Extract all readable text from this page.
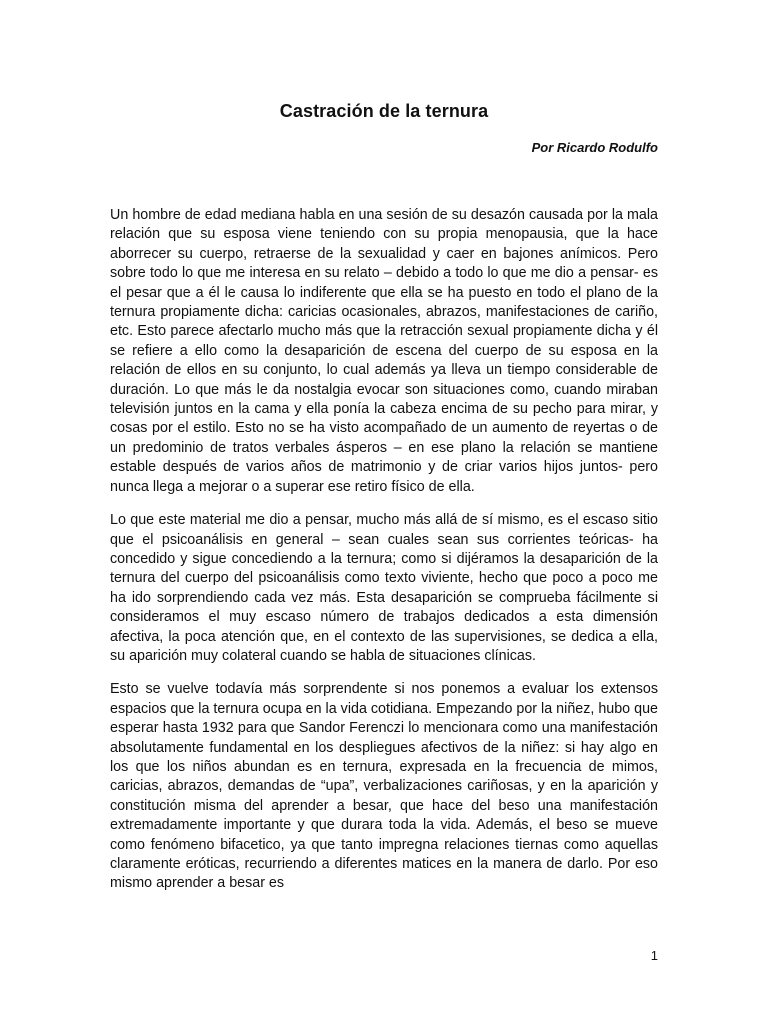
Castración de la ternura

Por Ricardo Rodulfo

Un hombre de edad mediana habla en una sesión de su desazón causada por la mala relación que su esposa viene teniendo con su propia menopausia, que la hace aborrecer su cuerpo, retraerse de la sexualidad y caer en bajones anímicos. Pero sobre todo lo que me interesa en su relato – debido a todo lo que me dio a pensar- es el pesar que a él le causa lo indiferente que ella se ha puesto en todo el plano de la ternura propiamente dicha: caricias ocasionales, abrazos, manifestaciones de cariño, etc. Esto parece afectarlo mucho más que la retracción sexual propiamente dicha y él se refiere a ello como la desaparición de escena del cuerpo de su esposa en la relación de ellos en su conjunto, lo cual además ya lleva un tiempo considerable de duración. Lo que más le da nostalgia evocar son situaciones como, cuando miraban televisión juntos en la cama y ella ponía la cabeza encima de su pecho para mirar, y cosas por el estilo. Esto no se ha visto acompañado de un aumento de reyertas o de un predominio de tratos verbales ásperos – en ese plano la relación se mantiene estable después de varios años de matrimonio y de criar varios hijos juntos- pero nunca llega a mejorar o a superar ese retiro físico de ella.

Lo que este material me dio a pensar, mucho más allá de sí mismo, es el escaso sitio que el psicoanálisis en general – sean cuales sean sus corrientes teóricas- ha concedido y sigue concediendo a la ternura; como si dijéramos la desaparición de la ternura del cuerpo del psicoanálisis como texto viviente, hecho que poco a poco me ha ido sorprendiendo cada vez más. Esta desaparición se comprueba fácilmente si consideramos el muy escaso número de trabajos dedicados a esta dimensión afectiva, la poca atención que, en el contexto de las supervisiones, se dedica a ella, su aparición muy colateral cuando se habla de situaciones clínicas.

Esto se vuelve todavía más sorprendente si nos ponemos a evaluar los extensos espacios que la ternura ocupa en la vida cotidiana. Empezando por la niñez, hubo que esperar hasta 1932 para que Sandor Ferenczi lo mencionara como una manifestación absolutamente fundamental en los despliegues afectivos de la niñez: si hay algo en los que los niños abundan es en ternura, expresada en la frecuencia de mimos, caricias, abrazos, demandas de “upa”, verbalizaciones cariñosas, y en la aparición y constitución misma del aprender a besar, que hace del beso una manifestación extremadamente importante y que durara toda la vida. Además, el beso se mueve como fenómeno bifacetico, ya que tanto impregna relaciones tiernas como aquellas claramente eróticas, recurriendo a diferentes matices en la manera de darlo. Por eso mismo aprender a besar es

1
